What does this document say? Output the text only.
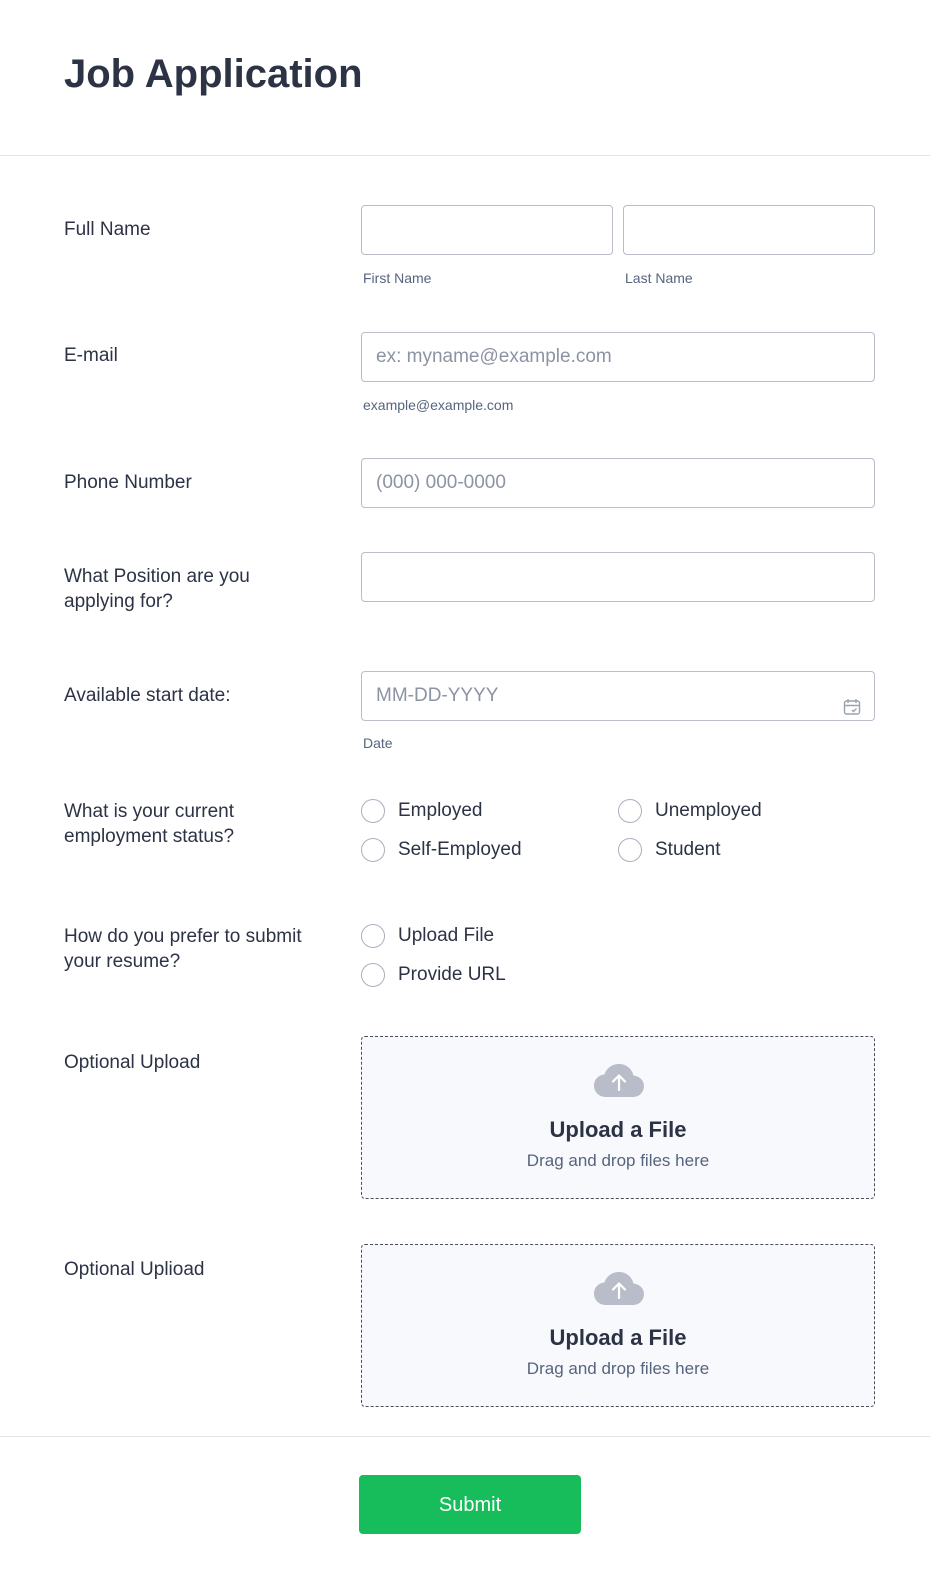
Job Application
Full Name
First Name	Last Name
E-mail	ex: myname@example.com
example@example.com
Phone Number	(000) 000-0000
What Position are you applying for?
Available start date:	MM-DD-YYYY
Date
What is your current employment status?
Employed	Unemployed
Self-Employed	Student
How do you prefer to submit your resume?
Upload File
Provide URL
Optional Upload
Upload a File
Drag and drop files here
Optional Uplioad
Upload a File
Drag and drop files here
Submit
